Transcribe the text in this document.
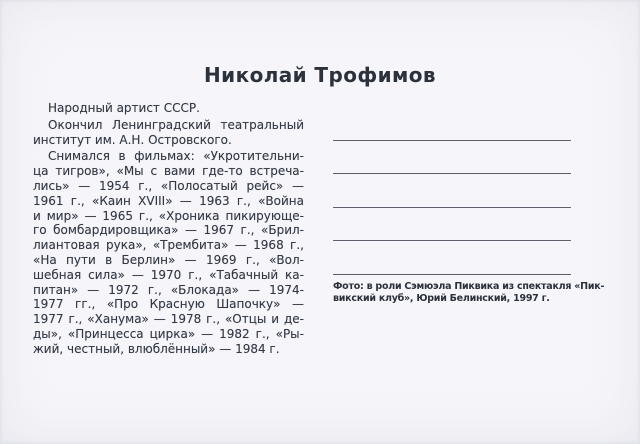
Николай Трофимов
Народный артист СССР.
Окончил Ленинградский театральный
институт им. А.Н. Островского.
Снимался в фильмах: «Укротительни-
ца тигров», «Мы с вами где-то встреча-
лись» — 1954 г., «Полосатый рейс» —
1961 г., «Каин XVIII» — 1963 г., «Война
и мир» — 1965 г., «Хроника пикирующе-
го бомбардировщика» — 1967 г., «Брил-
лиантовая рука», «Трембита» — 1968 г.,
«На пути в Берлин» — 1969 г., «Вол-
шебная сила» — 1970 г., «Табачный ка-
питан» — 1972 г., «Блокада» — 1974-
1977 гг., «Про Красную Шапочку» —
1977 г., «Ханума» — 1978 г., «Отцы и де-
ды», «Принцесса цирка» — 1982 г., «Ры-
жий, честный, влюблённый» — 1984 г.
Фото: в роли Сэмюэла Пиквика из спектакля «Пик-
викский клуб», Юрий Белинский, 1997 г.
